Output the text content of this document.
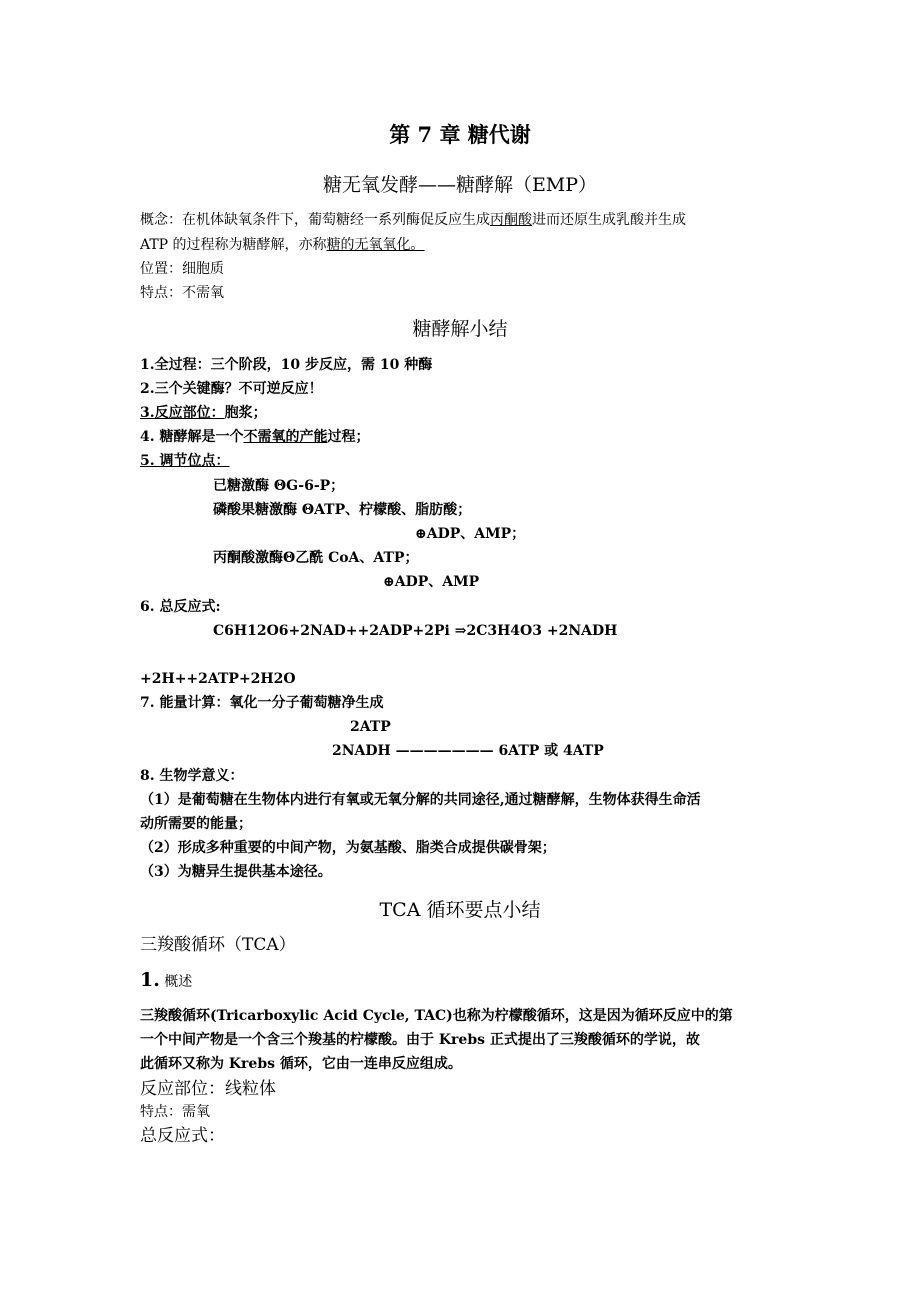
第 7 章 糖代谢
糖无氧发酵——糖酵解（EMP）
概念：在机体缺氧条件下，葡萄糖经一系列酶促反应生成丙酮酸进而还原生成乳酸并生成
ATP 的过程称为糖酵解，亦称糖的无氧氧化。
位置：细胞质
特点：不需氧
糖酵解小结
1.全过程：三个阶段，10 步反应，需 10 种酶
2.三个关键酶？不可逆反应！
3.反应部位：胞浆；
4. 糖酵解是一个不需氧的产能过程；
5. 调节位点：
已糖激酶 ΘG-6-P；
磷酸果糖激酶 ΘATP、柠檬酸、脂肪酸；
⊕ADP、AMP；
丙酮酸激酶Θ乙酰 CoA、ATP；
⊕ADP、AMP
6. 总反应式:
C6H12O6+2NAD++2ADP+2Pi ⇒2C3H4O3 +2NADH
+2H++2ATP+2H2O
7. 能量计算：氧化一分子葡萄糖净生成
2ATP
2NADH ——————— 6ATP 或 4ATP
8. 生物学意义：
（1）是葡萄糖在生物体内进行有氧或无氧分解的共同途径,通过糖酵解，生物体获得生命活
动所需要的能量；
（2）形成多种重要的中间产物，为氨基酸、脂类合成提供碳骨架；
（3）为糖异生提供基本途径。
TCA 循环要点小结
三羧酸循环（TCA）
1. 概述
三羧酸循环(Tricarboxylic Acid Cycle, TAC)也称为柠檬酸循环，这是因为循环反应中的第
一个中间产物是一个含三个羧基的柠檬酸。由于 Krebs 正式提出了三羧酸循环的学说，故
此循环又称为 Krebs 循环，它由一连串反应组成。
反应部位：线粒体
特点：需氧
总反应式：
